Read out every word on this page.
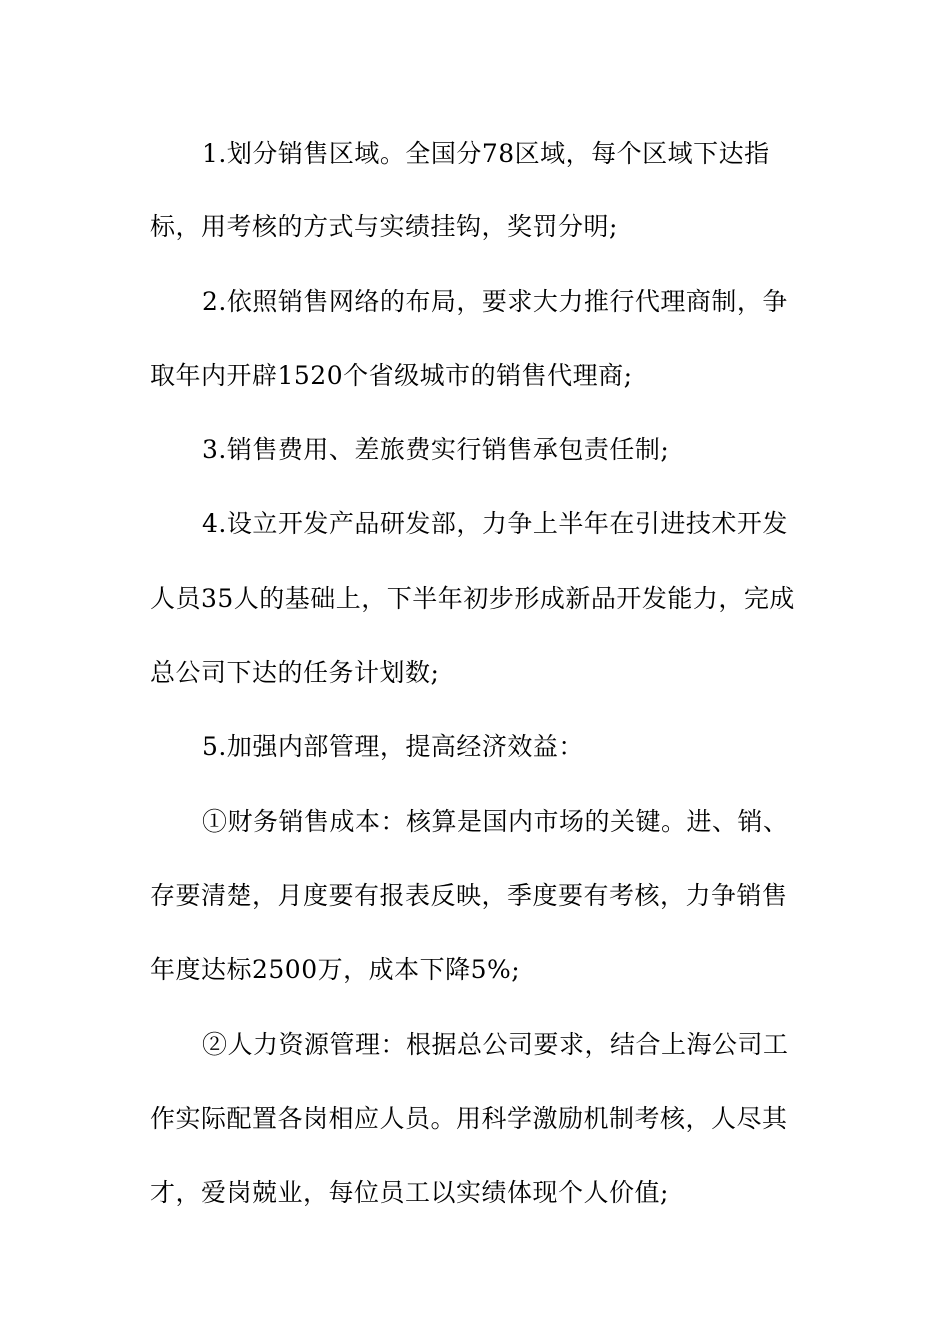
1.划分销售区域。全国分78区域，每个区域下达指
标，用考核的方式与实绩挂钩，奖罚分明;
2.依照销售网络的布局，要求大力推行代理商制，争
取年内开辟1520个省级城市的销售代理商;
3.销售费用、差旅费实行销售承包责任制;
4.设立开发产品研发部，力争上半年在引进技术开发
人员35人的基础上，下半年初步形成新品开发能力，完成
总公司下达的任务计划数;
5.加强内部管理，提高经济效益：
①财务销售成本：核算是国内市场的关键。进、销、
存要清楚，月度要有报表反映，季度要有考核，力争销售
年度达标2500万，成本下降5%;
②人力资源管理：根据总公司要求，结合上海公司工
作实际配置各岗相应人员。用科学激励机制考核，人尽其
才，爱岗兢业，每位员工以实绩体现个人价值;
